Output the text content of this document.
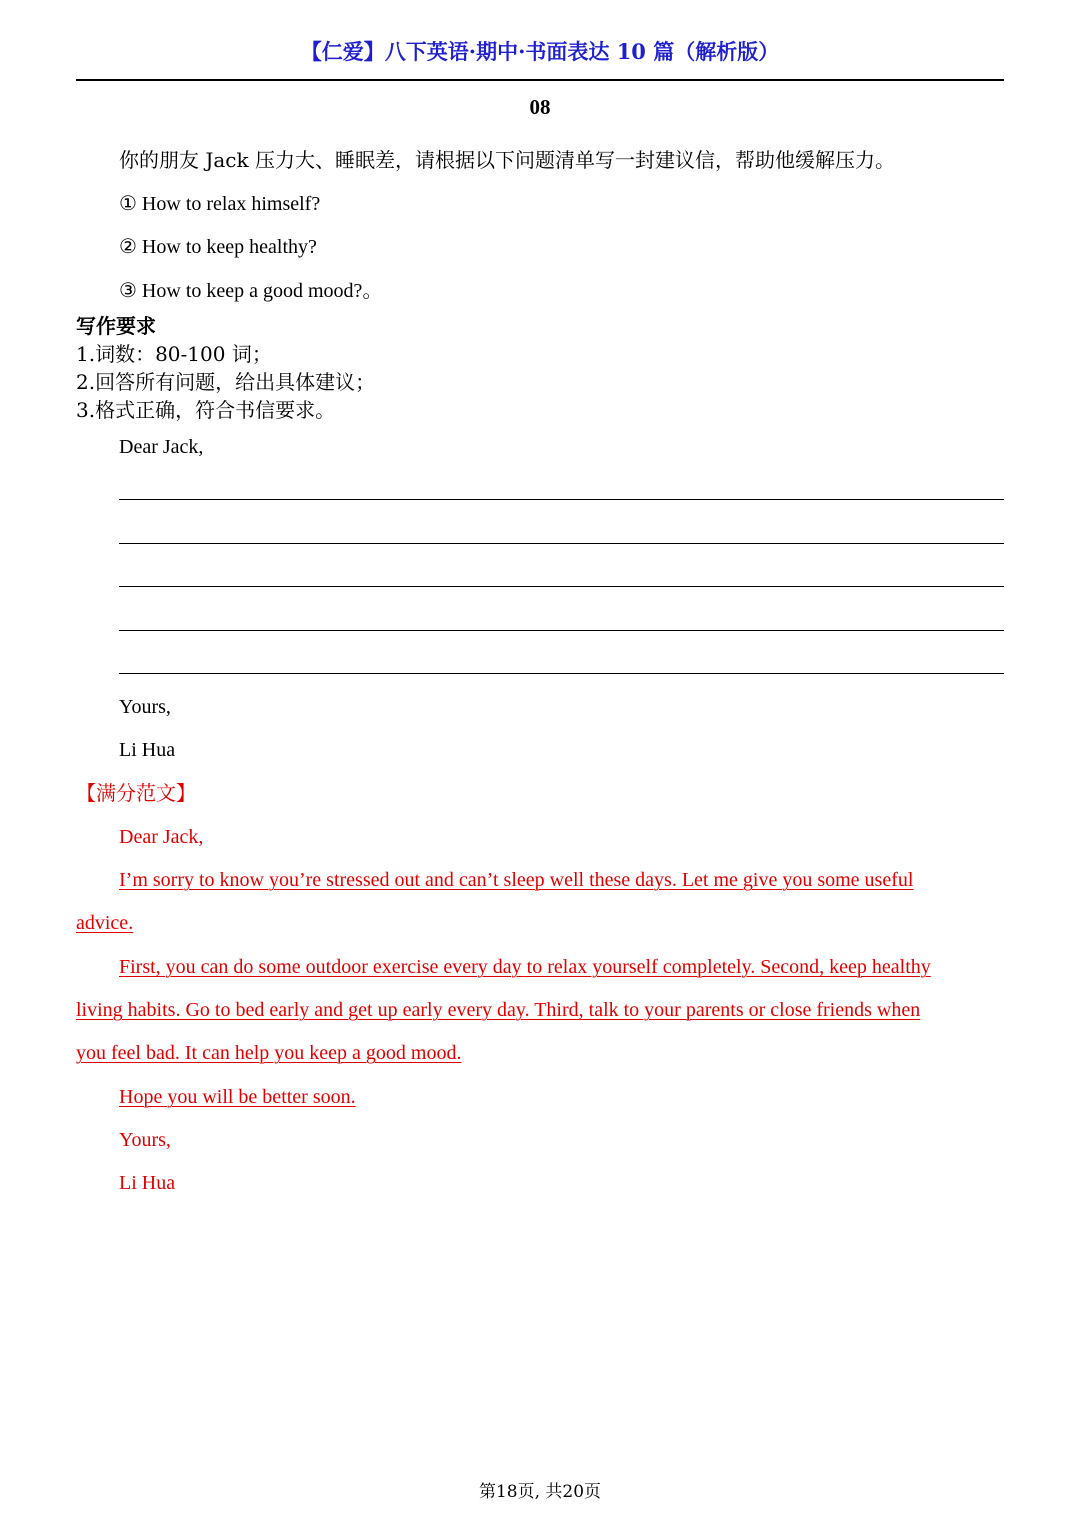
【仁爱】八下英语·期中·书面表达 10 篇（解析版）
08
你的朋友 Jack 压力大、睡眠差，请根据以下问题清单写一封建议信，帮助他缓解压力。
① How to relax himself?
② How to keep healthy?
③ How to keep a good mood?。
写作要求
1.词数：80-100 词；
2.回答所有问题，给出具体建议；
3.格式正确，符合书信要求。
Dear Jack,
Yours,
Li Hua
【满分范文】
Dear Jack,
I’m sorry to know you’re stressed out and can’t sleep well these days. Let me give you some useful
advice.
First, you can do some outdoor exercise every day to relax yourself completely. Second, keep healthy
living habits. Go to bed early and get up early every day. Third, talk to your parents or close friends when
you feel bad. It can help you keep a good mood.
Hope you will be better soon.
Yours,
Li Hua
第18页, 共20页
